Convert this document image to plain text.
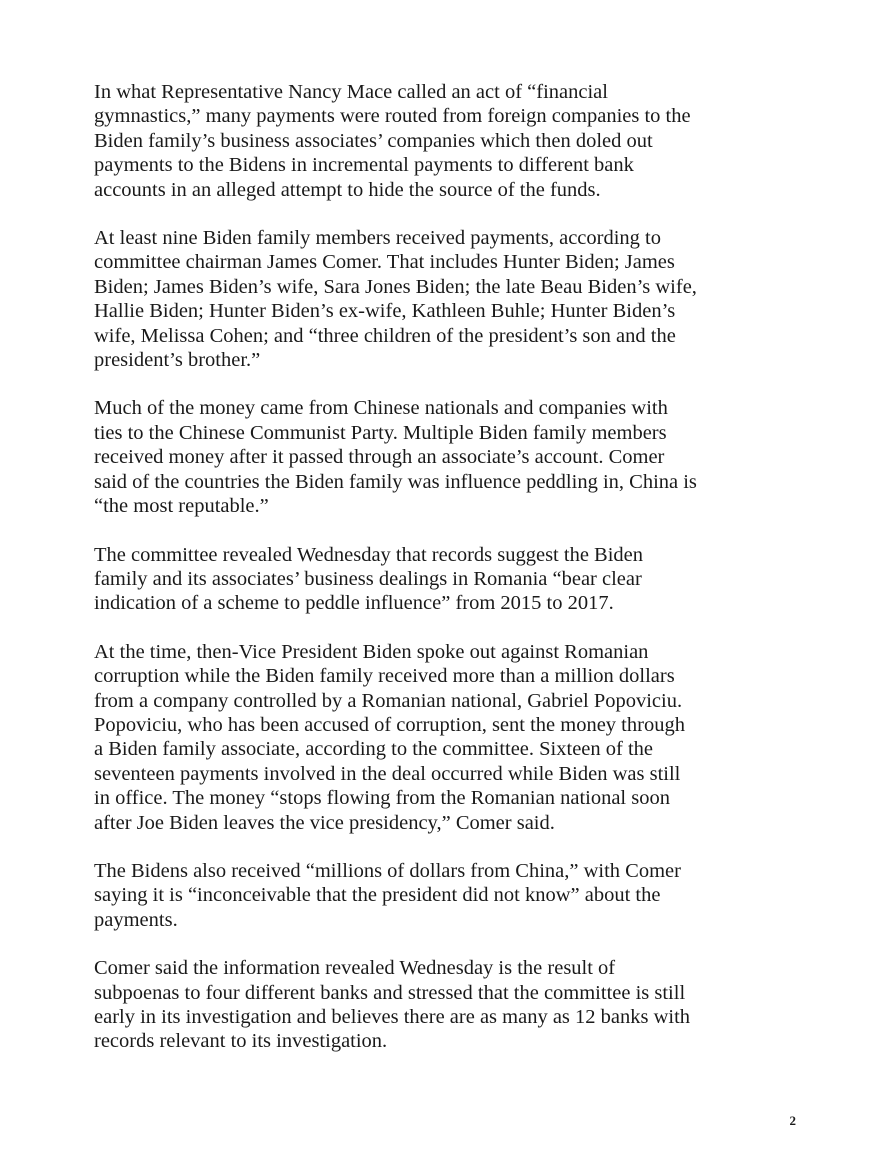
In what Representative Nancy Mace called an act of “financial
gymnastics,” many payments were routed from foreign companies to the
Biden family’s business associates’ companies which then doled out
payments to the Bidens in incremental payments to different bank
accounts in an alleged attempt to hide the source of the funds.

At least nine Biden family members received payments, according to
committee chairman James Comer. That includes Hunter Biden; James
Biden; James Biden’s wife, Sara Jones Biden; the late Beau Biden’s wife,
Hallie Biden; Hunter Biden’s ex-wife, Kathleen Buhle; Hunter Biden’s
wife, Melissa Cohen; and “three children of the president’s son and the
president’s brother.”

Much of the money came from Chinese nationals and companies with
ties to the Chinese Communist Party. Multiple Biden family members
received money after it passed through an associate’s account. Comer
said of the countries the Biden family was influence peddling in, China is
“the most reputable.”

The committee revealed Wednesday that records suggest the Biden
family and its associates’ business dealings in Romania “bear clear
indication of a scheme to peddle influence” from 2015 to 2017.

At the time, then-Vice President Biden spoke out against Romanian
corruption while the Biden family received more than a million dollars
from a company controlled by a Romanian national, Gabriel Popoviciu.
Popoviciu, who has been accused of corruption, sent the money through
a Biden family associate, according to the committee. Sixteen of the
seventeen payments involved in the deal occurred while Biden was still
in office. The money “stops flowing from the Romanian national soon
after Joe Biden leaves the vice presidency,” Comer said.

The Bidens also received “millions of dollars from China,” with Comer
saying it is “inconceivable that the president did not know” about the
payments.

Comer said the information revealed Wednesday is the result of
subpoenas to four different banks and stressed that the committee is still
early in its investigation and believes there are as many as 12 banks with
records relevant to its investigation.

2
